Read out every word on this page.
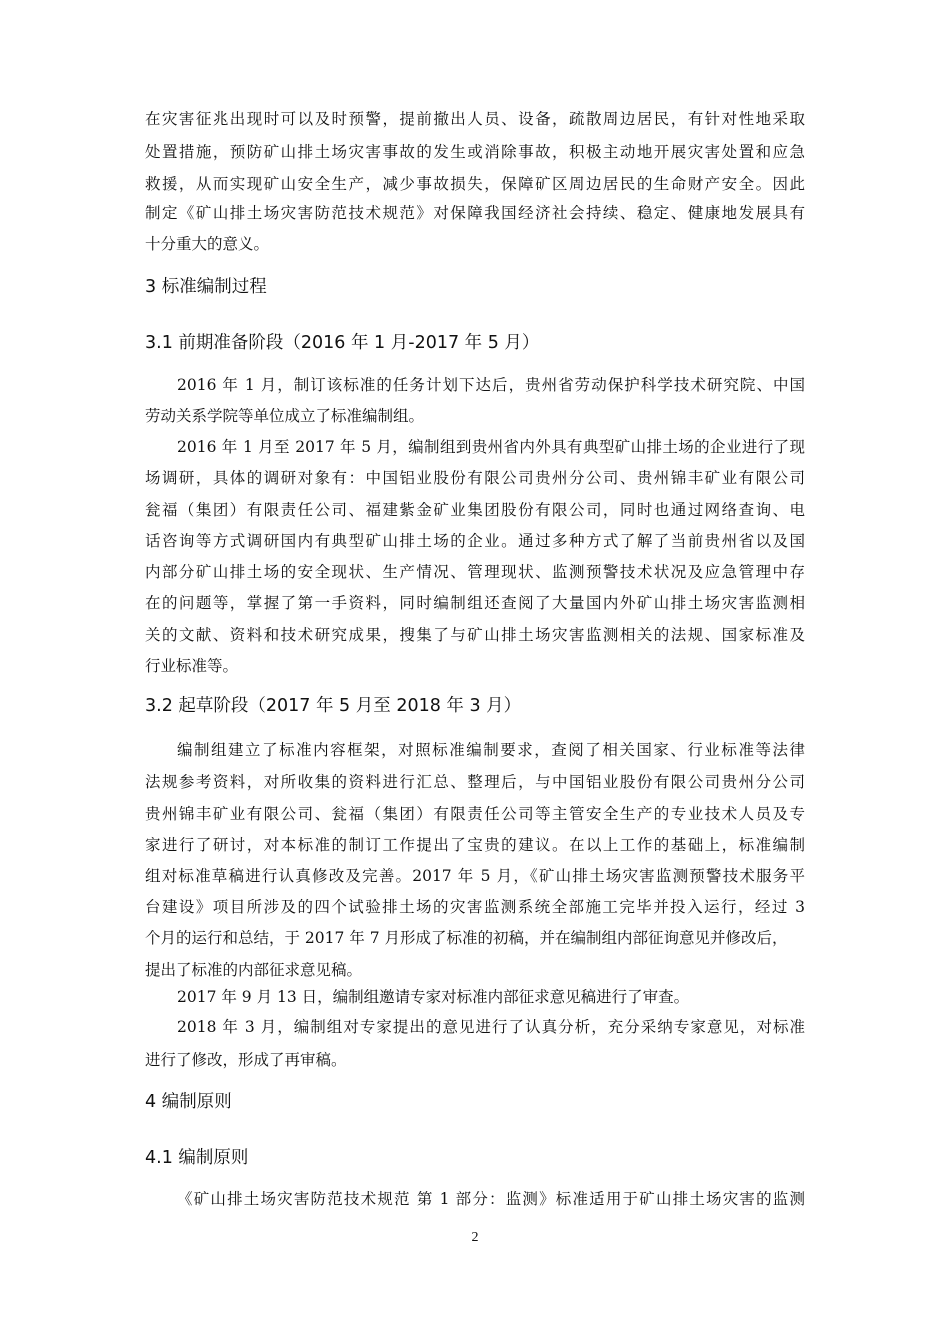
2
在灾害征兆出现时可以及时预警，提前撤出人员、设备，疏散周边居民，有针对性地采取
处置措施，预防矿山排土场灾害事故的发生或消除事故，积极主动地开展灾害处置和应急
救援，从而实现矿山安全生产，减少事故损失，保障矿区周边居民的生命财产安全。因此
制定《矿山排土场灾害防范技术规范》对保障我国经济社会持续、稳定、健康地发展具有
十分重大的意义。
3 标准编制过程
3.1 前期准备阶段（2016 年 1 月-2017 年 5 月）
2016 年 1 月，制订该标准的任务计划下达后，贵州省劳动保护科学技术研究院、中国
劳动关系学院等单位成立了标准编制组。
2016 年 1 月至 2017 年 5 月，编制组到贵州省内外具有典型矿山排土场的企业进行了现
场调研，具体的调研对象有：中国铝业股份有限公司贵州分公司、贵州锦丰矿业有限公司
瓮福（集团）有限责任公司、福建紫金矿业集团股份有限公司，同时也通过网络查询、电
话咨询等方式调研国内有典型矿山排土场的企业。通过多种方式了解了当前贵州省以及国
内部分矿山排土场的安全现状、生产情况、管理现状、监测预警技术状况及应急管理中存
在的问题等，掌握了第一手资料，同时编制组还查阅了大量国内外矿山排土场灾害监测相
关的文献、资料和技术研究成果，搜集了与矿山排土场灾害监测相关的法规、国家标准及
行业标准等。
3.2 起草阶段（2017 年 5 月至 2018 年 3 月）
编制组建立了标准内容框架，对照标准编制要求，查阅了相关国家、行业标准等法律
法规参考资料，对所收集的资料进行汇总、整理后，与中国铝业股份有限公司贵州分公司
贵州锦丰矿业有限公司、瓮福（集团）有限责任公司等主管安全生产的专业技术人员及专
家进行了研讨，对本标准的制订工作提出了宝贵的建议。在以上工作的基础上，标准编制
组对标准草稿进行认真修改及完善。2017 年 5 月，《矿山排土场灾害监测预警技术服务平
台建设》项目所涉及的四个试验排土场的灾害监测系统全部施工完毕并投入运行，经过 3
个月的运行和总结，于 2017 年 7 月形成了标准的初稿，并在编制组内部征询意见并修改后，
提出了标准的内部征求意见稿。
2017 年 9 月 13 日，编制组邀请专家对标准内部征求意见稿进行了审查。
2018 年 3 月，编制组对专家提出的意见进行了认真分析，充分采纳专家意见，对标准
进行了修改，形成了再审稿。
4 编制原则
4.1 编制原则
《矿山排土场灾害防范技术规范 第 1 部分：监测》标准适用于矿山排土场灾害的监测
